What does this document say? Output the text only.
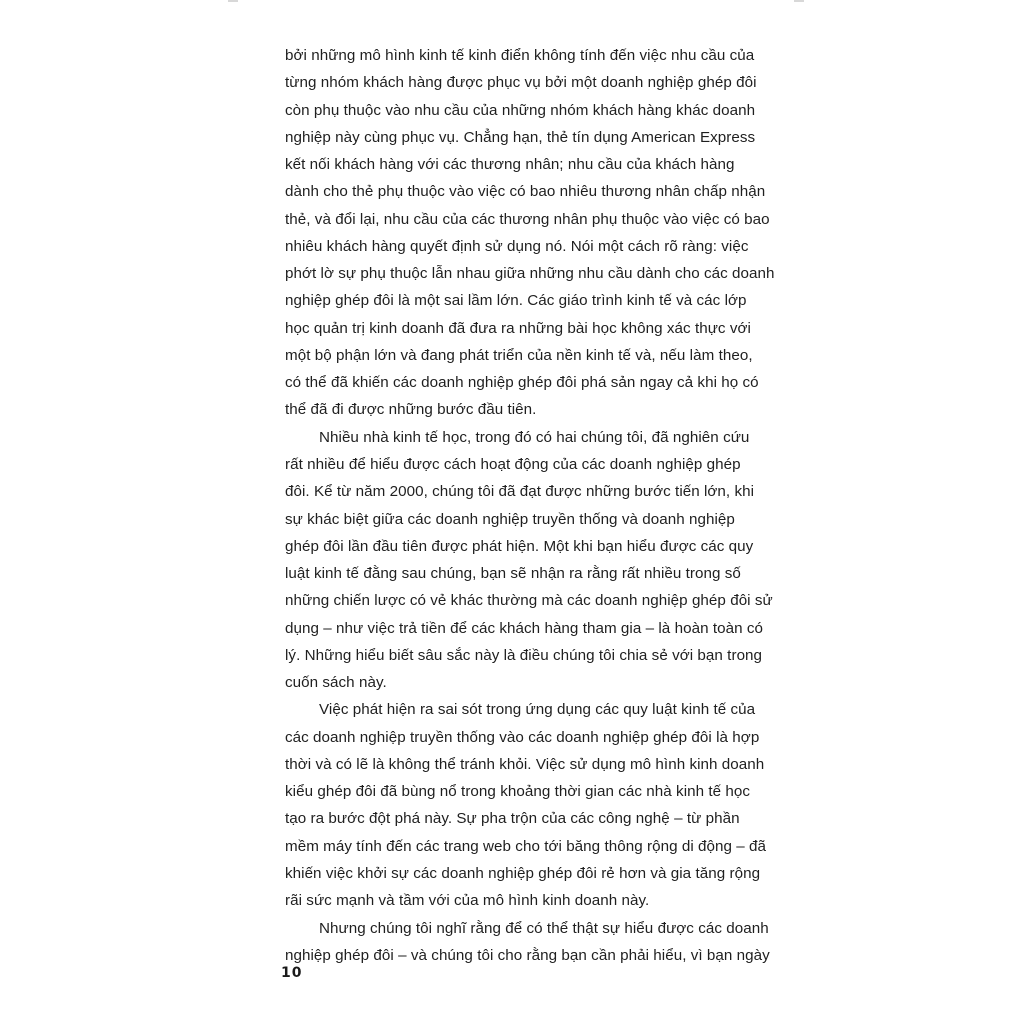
bởi những mô hình kinh tế kinh điển không tính đến việc nhu cầu của
từng nhóm khách hàng được phục vụ bởi một doanh nghiệp ghép đôi
còn phụ thuộc vào nhu cầu của những nhóm khách hàng khác doanh
nghiệp này cùng phục vụ. Chẳng hạn, thẻ tín dụng American Express
kết nối khách hàng với các thương nhân; nhu cầu của khách hàng
dành cho thẻ phụ thuộc vào việc có bao nhiêu thương nhân chấp nhận
thẻ, và đổi lại, nhu cầu của các thương nhân phụ thuộc vào việc có bao
nhiêu khách hàng quyết định sử dụng nó. Nói một cách rõ ràng: việc
phớt lờ sự phụ thuộc lẫn nhau giữa những nhu cầu dành cho các doanh
nghiệp ghép đôi là một sai lầm lớn. Các giáo trình kinh tế và các lớp
học quản trị kinh doanh đã đưa ra những bài học không xác thực với
một bộ phận lớn và đang phát triển của nền kinh tế và, nếu làm theo,
có thể đã khiến các doanh nghiệp ghép đôi phá sản ngay cả khi họ có
thể đã đi được những bước đầu tiên.
Nhiều nhà kinh tế học, trong đó có hai chúng tôi, đã nghiên cứu
rất nhiều để hiểu được cách hoạt động của các doanh nghiệp ghép
đôi. Kể từ năm 2000, chúng tôi đã đạt được những bước tiến lớn, khi
sự khác biệt giữa các doanh nghiệp truyền thống và doanh nghiệp
ghép đôi lần đầu tiên được phát hiện. Một khi bạn hiểu được các quy
luật kinh tế đằng sau chúng, bạn sẽ nhận ra rằng rất nhiều trong số
những chiến lược có vẻ khác thường mà các doanh nghiệp ghép đôi sử
dụng – như việc trả tiền để các khách hàng tham gia – là hoàn toàn có
lý. Những hiểu biết sâu sắc này là điều chúng tôi chia sẻ với bạn trong
cuốn sách này.
Việc phát hiện ra sai sót trong ứng dụng các quy luật kinh tế của
các doanh nghiệp truyền thống vào các doanh nghiệp ghép đôi là hợp
thời và có lẽ là không thể tránh khỏi. Việc sử dụng mô hình kinh doanh
kiểu ghép đôi đã bùng nổ trong khoảng thời gian các nhà kinh tế học
tạo ra bước đột phá này. Sự pha trộn của các công nghệ – từ phần
mềm máy tính đến các trang web cho tới băng thông rộng di động – đã
khiến việc khởi sự các doanh nghiệp ghép đôi rẻ hơn và gia tăng rộng
rãi sức mạnh và tầm với của mô hình kinh doanh này.
Nhưng chúng tôi nghĩ rằng để có thể thật sự hiểu được các doanh
nghiệp ghép đôi – và chúng tôi cho rằng bạn cần phải hiểu, vì bạn ngày
10
